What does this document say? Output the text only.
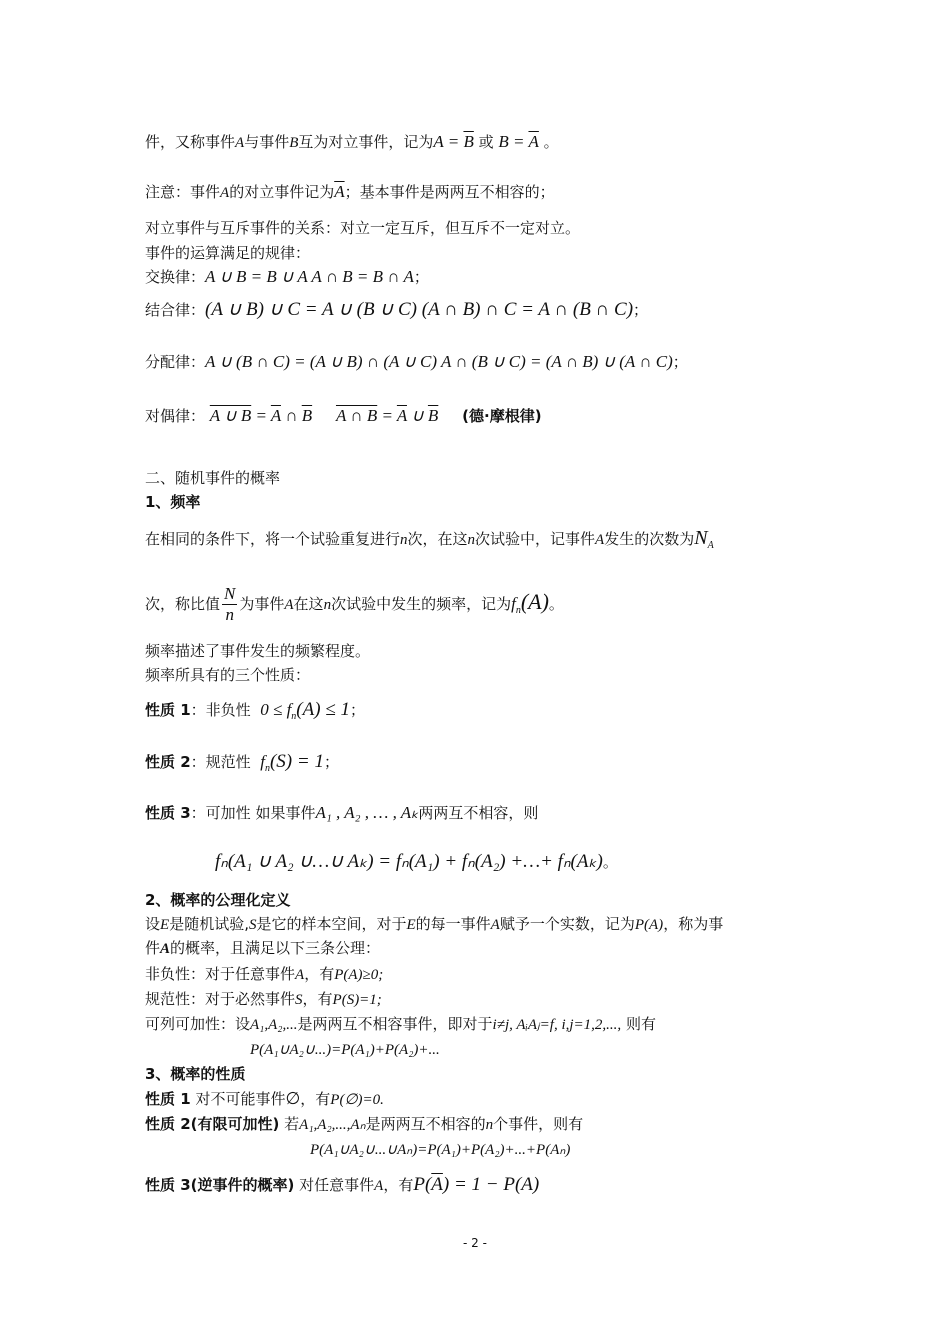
件，又称事件A与事件B互为对立事件，记为$A = \overline{B}$ 或 $B = \overline{A}$ 。
注意：事件A的对立事件记为$\overline{A}$；基本事件是两两互不相容的；
对立事件与互斥事件的关系：对立一定互斥，但互斥不一定对立。
事件的运算满足的规律：
交换律：A ∪ B = B ∪ A A ∩ B = B ∩ A；
结合律：(A ∪ B) ∪ C = A ∪ (B ∪ C) (A ∩ B) ∩ C = A ∩ (B ∩ C)；
分配律：A ∪ (B ∩ C) = (A ∪ B) ∩ (A ∪ C) A ∩ (B ∪ C) = (A ∩ B) ∪ (A ∩ C)；
对偶律： A ∪ $B = \overline{A}$ ∩ $\overline{B}$ A ∩ $B = \overline{A}$ ∪ $\overline{B}$ (德·摩根律)
二、随机事件的概率
1、频率
在相同的条件下，将一个试验重复进行n次，在这n次试验中，记事件A发生的次数为$N_A$
次，称比值 $\frac{N}{n}$ 为事件A在这n次试验中发生的频率，记为$f_n(A)$。
频率描述了事件发生的频繁程度。
频率所具有的三个性质：
性质 1：非负性 $0 \le f_n(A) \le 1$；
性质 2：规范性 $f_n(S) = 1$；
性质 3：可加性 如果事件A₁ , A₂ , … , Aₖ两两互不相容，则
fₙ(A₁ ∪ A₂ ∪…∪ Aₖ) = fₙ(A₁) + fₙ(A₂) +…+ fₙ(Aₖ)。
2、概率的公理化定义
设E是随机试验,S是它的样本空间，对于E的每一事件A赋予一个实数，记为P(A)，称为事
件A的概率，且满足以下三条公理：
非负性：对于任意事件A，有P(A)≥0;
规范性：对于必然事件S，有P(S)=1;
可列可加性：设A₁,A₂,...是两两互不相容事件，即对于i≠j, AᵢAⱼ=f, i,j=1,2,..., 则有
P(A₁∪A₂∪...)=P(A₁)+P(A₂)+...
3、概率的性质
性质 1 对不可能事件∅，有P(∅)=0.
性质 2(有限可加性) 若A₁,A₂,...,Aₙ是两两互不相容的n个事件，则有
P(A₁∪A₂∪...∪Aₙ)=P(A₁)+P(A₂)+...+P(Aₙ)
性质 3(逆事件的概率) 对任意事件A，有$P(\overline{A}) = 1 - P(A)$
- 2 -
